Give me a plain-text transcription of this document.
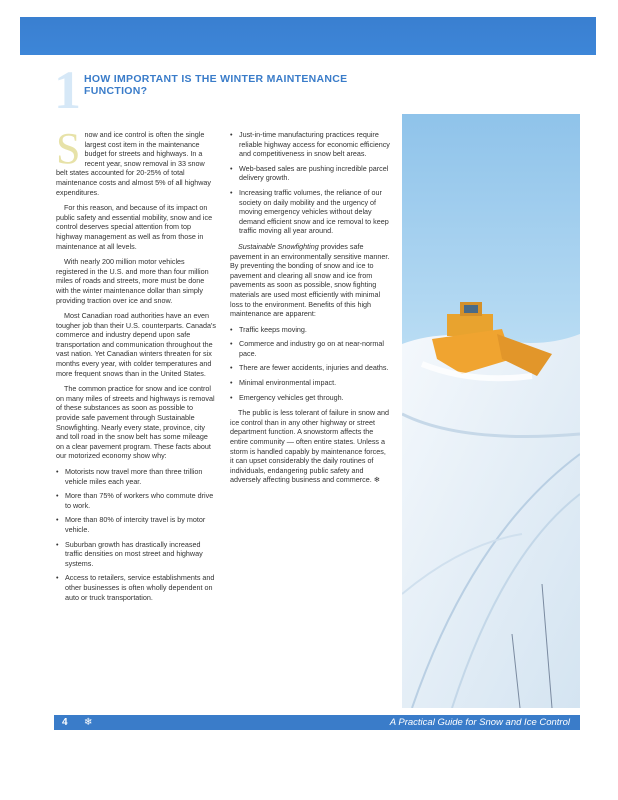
1 HOW IMPORTANT IS THE WINTER MAINTENANCE FUNCTION?

Snow and ice control is often the single largest cost item in the maintenance budget for streets and highways. In a recent year, snow removal in 33 snow belt states accounted for 20-25% of total maintenance costs and almost 5% of all highway expenditures.

For this reason, and because of its impact on public safety and essential mobility, snow and ice control deserves special attention from top highway management as well as from those in maintenance at all levels.

With nearly 200 million motor vehicles registered in the U.S. and more than four million miles of roads and streets, more must be done with the winter maintenance dollar than simply providing traction over ice and snow.

Most Canadian road authorities have an even tougher job than their U.S. counterparts. Canada's commerce and industry depend upon safe transportation and communication throughout the vast nation. Yet Canadian winters threaten for six months every year, with colder temperatures and more frequent snows than in the United States.

The common practice for snow and ice control on many miles of streets and highways is removal of these substances as soon as possible to provide safe pavement through Sustainable Snowfighting. Nearly every state, province, city and toll road in the snow belt has some mileage on a clear pavement program. These facts about our motorized economy show why:

• Motorists now travel more than three trillion vehicle miles each year.
• More than 75% of workers who commute drive to work.
• More than 80% of intercity travel is by motor vehicle.
• Suburban growth has drastically increased traffic densities on most street and highway systems.
• Access to retailers, service establishments and other businesses is often wholly dependent on auto or truck transportation.
• Just-in-time manufacturing practices require reliable highway access for economic efficiency and competitiveness in snow belt areas.
• Web-based sales are pushing incredible parcel delivery growth.
• Increasing traffic volumes, the reliance of our society on daily mobility and the urgency of moving emergency vehicles without delay demand efficient snow and ice removal to keep traffic moving all year around.

Sustainable Snowfighting provides safe pavement in an environmentally sensitive manner. By preventing the bonding of snow and ice to pavement and clearing all snow and ice from pavements as soon as possible, snow fighting materials are used most efficiently with minimal loss to the environment. Benefits of this high maintenance are apparent:

• Traffic keeps moving.
• Commerce and industry go on at near-normal pace.
• There are fewer accidents, injuries and deaths.
• Minimal environmental impact.
• Emergency vehicles get through.

The public is less tolerant of failure in snow and ice control than in any other highway or street department function. A snowstorm affects the entire community — often entire states. Unless a storm is handled capably by maintenance forces, it can upset considerably the daily routines of individuals, endangering public safety and adversely affecting business and commerce. ❄

4 ❄	A Practical Guide for Snow and Ice Control
